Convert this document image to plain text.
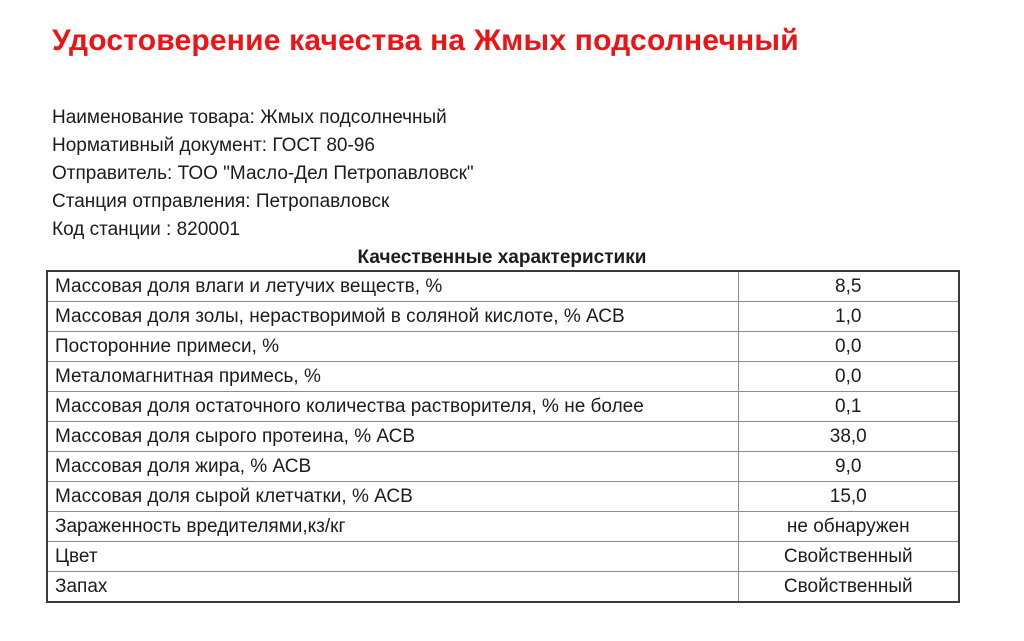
Удостоверение качества на Жмых подсолнечный

Наименование товара: Жмых подсолнечный

Нормативный документ: ГОСТ 80-96

Отправитель: ТОО "Масло-Дел Петропавловск"

Станция отправления: Петропавловск

Код станции : 820001

Качественные характеристики
Массовая доля влаги и летучих веществ, %	8,5
Массовая доля золы, нерастворимой в соляной кислоте, % АСВ	1,0
Посторонние примеси, %	0,0
Металомагнитная примесь, %	0,0
Массовая доля остаточного количества растворителя, % не более	0,1
Массовая доля сырого протеина, % АСВ	38,0
Массовая доля жира, % АСВ	9,0
Массовая доля сырой клетчатки, % АСВ	15,0
Зараженность вредителями,кз/кг	не обнаружен
Цвет	Свойственный
Запах	Свойственный
